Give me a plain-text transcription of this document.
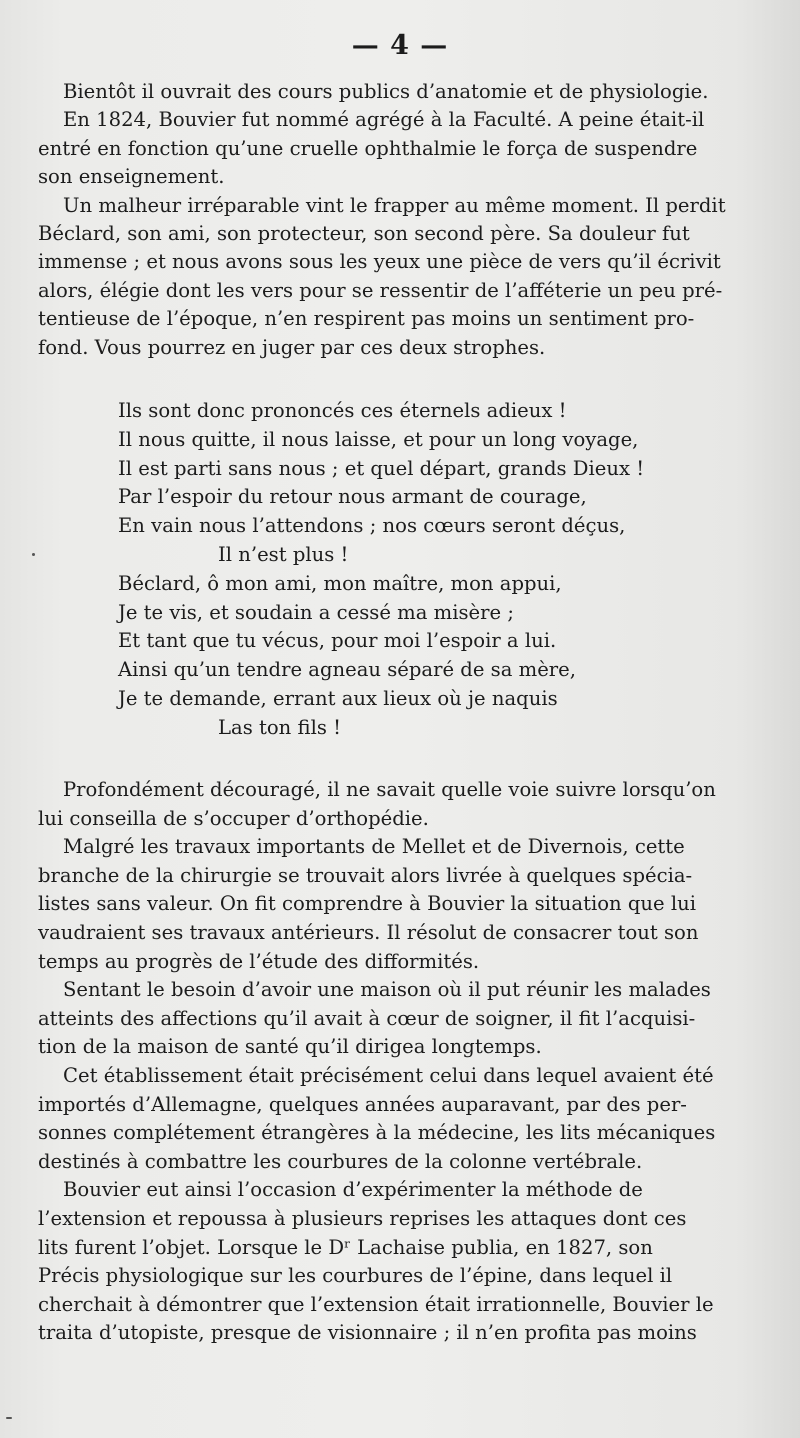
— 4 —

Bientôt il ouvrait des cours publics d’anatomie et de physiologie.

En 1824, Bouvier fut nommé agrégé à la Faculté. A peine était-il
entré en fonction qu’une cruelle ophthalmie le força de suspendre
son enseignement.

Un malheur irréparable vint le frapper au même moment. Il perdit
Béclard, son ami, son protecteur, son second père. Sa douleur fut
immense ; et nous avons sous les yeux une pièce de vers qu’il écrivit
alors, élégie dont les vers pour se ressentir de l’afféterie un peu pré-
tentieuse de l’époque, n’en respirent pas moins un sentiment pro-
fond. Vous pourrez en juger par ces deux strophes.

Ils sont donc prononcés ces éternels adieux !

Il nous quitte, il nous laisse, et pour un long voyage,

Il est parti sans nous ; et quel départ, grands Dieux !

Par l’espoir du retour nous armant de courage,

En vain nous l’attendons ; nos cœurs seront déçus,

Il n’est plus !

Béclard, ô mon ami, mon maître, mon appui,

Je te vis, et soudain a cessé ma misère ;

Et tant que tu vécus, pour moi l’espoir a lui.

Ainsi qu’un tendre agneau séparé de sa mère,

Je te demande, errant aux lieux où je naquis

Las ton fils !

Profondément découragé, il ne savait quelle voie suivre lorsqu’on
lui conseilla de s’occuper d’orthopédie.

Malgré les travaux importants de Mellet et de Divernois, cette
branche de la chirurgie se trouvait alors livrée à quelques spécia-
listes sans valeur. On fit comprendre à Bouvier la situation que lui
vaudraient ses travaux antérieurs. Il résolut de consacrer tout son
temps au progrès de l’étude des difformités.

Sentant le besoin d’avoir une maison où il put réunir les malades
atteints des affections qu’il avait à cœur de soigner, il fit l’acquisi-
tion de la maison de santé qu’il dirigea longtemps.

Cet établissement était précisément celui dans lequel avaient été
importés d’Allemagne, quelques années auparavant, par des per-
sonnes complétement étrangères à la médecine, les lits mécaniques
destinés à combattre les courbures de la colonne vertébrale.

Bouvier eut ainsi l’occasion d’expérimenter la méthode de
l’extension et repoussa à plusieurs reprises les attaques dont ces
lits furent l’objet. Lorsque le Dʳ Lachaise publia, en 1827, son
Précis physiologique sur les courbures de l’épine, dans lequel il
cherchait à démontrer que l’extension était irrationnelle, Bouvier le
traita d’utopiste, presque de visionnaire ; il n’en profita pas moins
